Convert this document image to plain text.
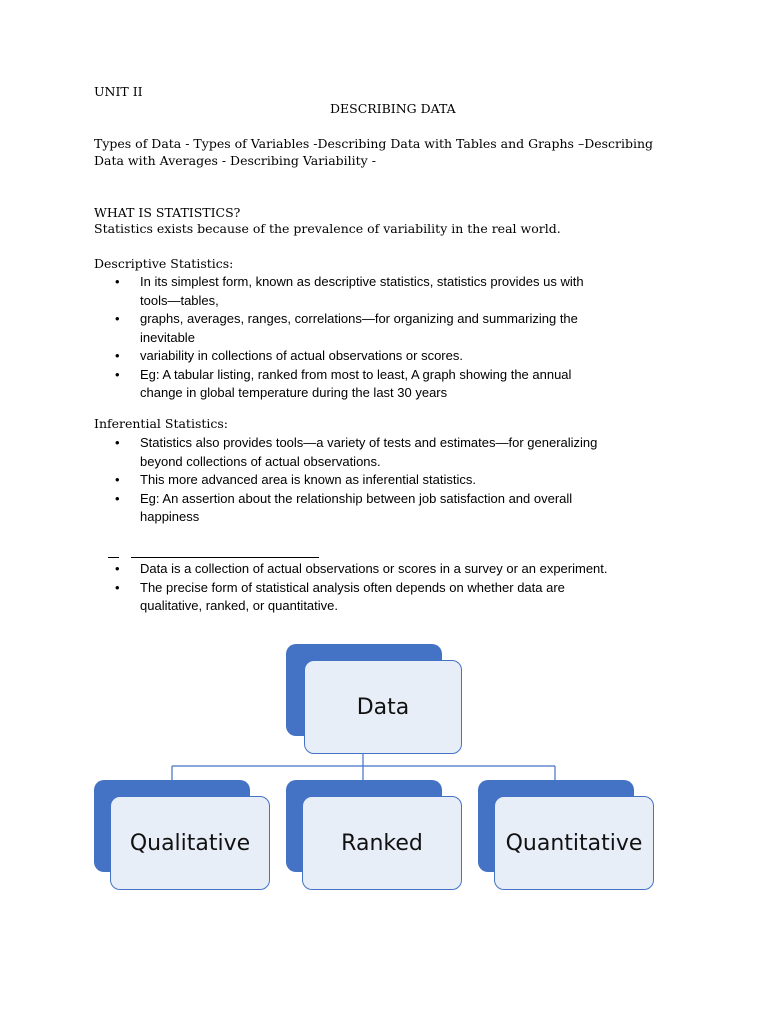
UNIT II
DESCRIBING DATA
Types of Data - Types of Variables -Describing Data with Tables and Graphs –Describing
Data with Averages - Describing Variability -
WHAT IS STATISTICS?
Statistics exists because of the prevalence of variability in the real world.
Descriptive Statistics:
• In its simplest form, known as descriptive statistics, statistics provides us with
tools—tables,
• graphs, averages, ranges, correlations—for organizing and summarizing the
inevitable
• variability in collections of actual observations or scores.
• Eg: A tabular listing, ranked from most to least, A graph showing the annual
change in global temperature during the last 30 years
Inferential Statistics:
• Statistics also provides tools—a variety of tests and estimates—for generalizing
beyond collections of actual observations.
• This more advanced area is known as inferential statistics.
• Eg: An assertion about the relationship between job satisfaction and overall
happiness
• Data is a collection of actual observations or scores in a survey or an experiment.
• The precise form of statistical analysis often depends on whether data are
qualitative, ranked, or quantitative.
Data
Qualitative	Ranked	Quantitative
